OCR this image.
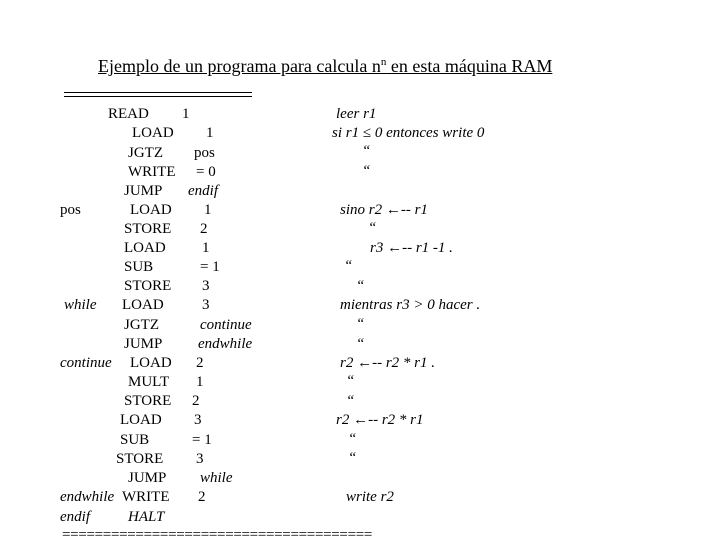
Ejemplo de un programa para calcula $n^n$ en esta máquina RAM
pos
while
continue
endwhile
endif
READ
LOAD
JGTZ
WRITE
JUMP
LOAD
STORE
LOAD
SUB
STORE
LOAD
JGTZ
JUMP
LOAD
MULT
STORE
LOAD
SUB
STORE
JUMP
WRITE
HALT
1
1
pos
= 0
endif
1
2
1
= 1
3
3
continue
endwhile
2
1
2
3
= 1
3
while
2
leer r1
si r1 ≤ 0 entonces write 0
“
“
sino r2 ←-- r1
“
r3 ←-- r1 -1 .
“
“
mientras r3 > 0 hacer .
“
“
r2 ←-- r2 * r1 .
“
“
r2 ←-- r2 * r1
“
“
write r2
======================================
